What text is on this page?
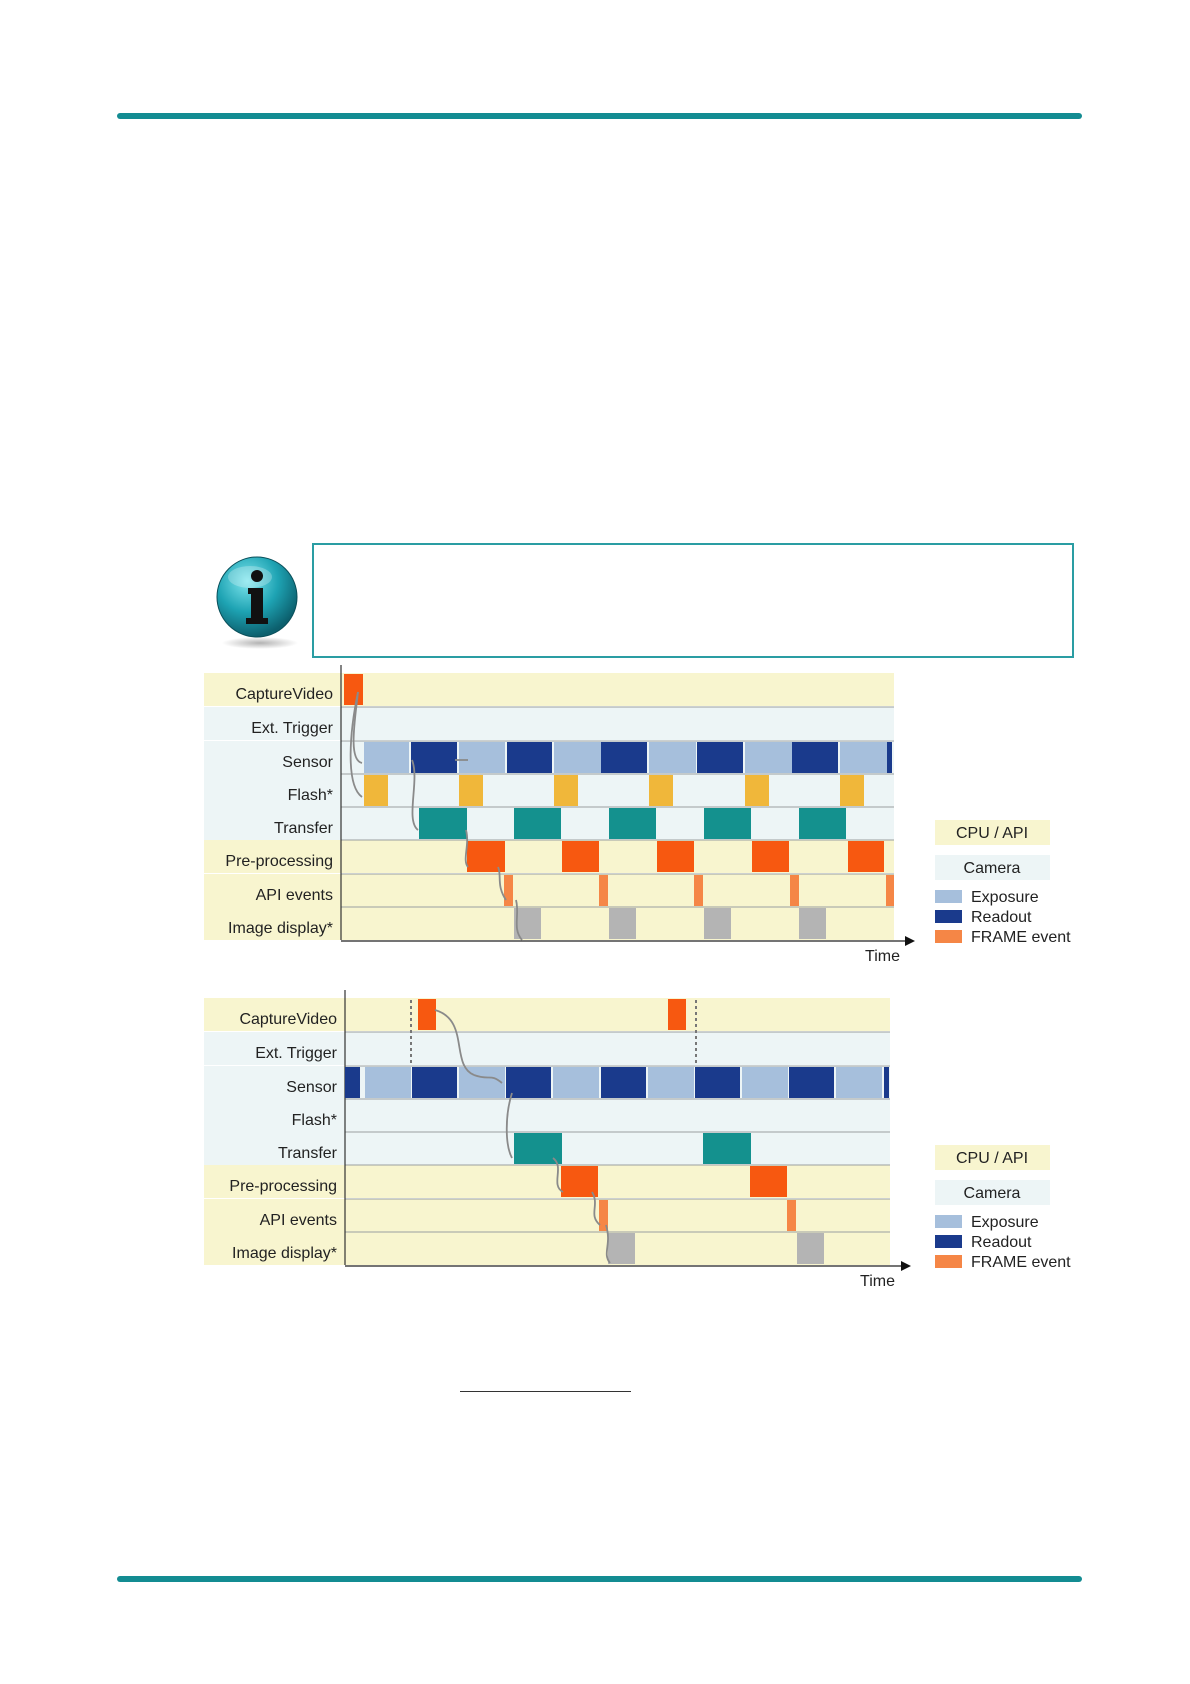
Time
CaptureVideo
Ext. Trigger
Sensor
Flash*
Transfer
Pre-processing
API events
Image display*
CPU / API
Camera
Exposure
Readout
FRAME event
Time
CaptureVideo
Ext. Trigger
Sensor
Flash*
Transfer
Pre-processing
API events
Image display*
CPU / API
Camera
Exposure
Readout
FRAME event
